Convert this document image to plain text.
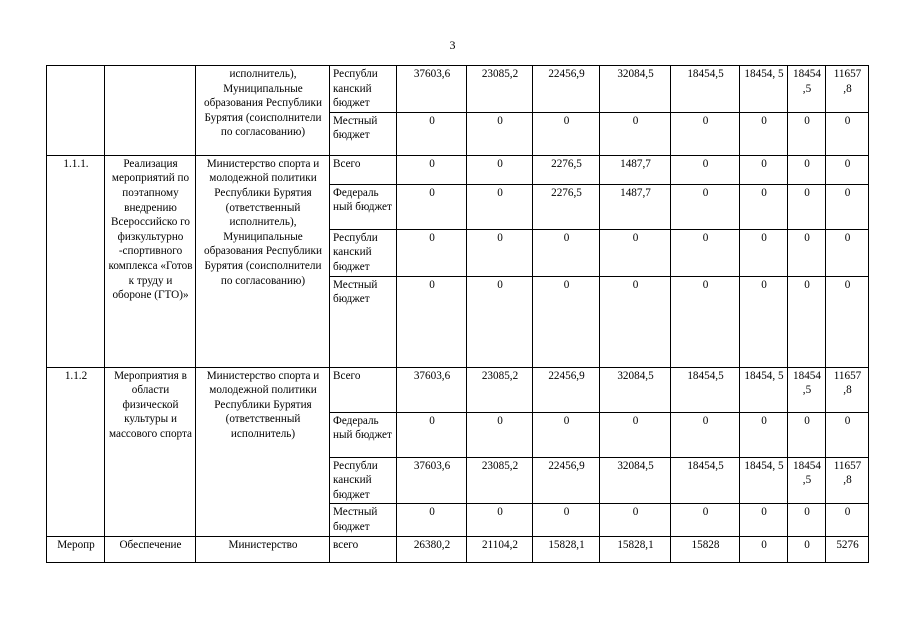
3
		исполнитель), Муниципальные образования Республики Бурятия (соисполнители по согласованию)	Республи канский бюджет	37603,6	23085,2	22456,9	32084,5	18454,5	18454, 5	18454 ,5	11657 ,8
			Местный бюджет	0	0	0	0	0	0	0	0
1.1.1.	Реализация мероприятий по поэтапному внедрению Всероссийско го физкультурно -спортивного комплекса «Готов к труду и обороне (ГТО)»	Министерство спорта и молодежной политики Республики Бурятия (ответственный исполнитель), Муниципальные образования Республики Бурятия (соисполнители по согласованию)	Всего	0	0	2276,5	1487,7	0	0	0	0
			Федераль ный бюджет	0	0	2276,5	1487,7	0	0	0	0
			Республи канский бюджет	0	0	0	0	0	0	0	0
			Местный бюджет	0	0	0	0	0	0	0	0
1.1.2	Мероприятия в области физической культуры и массового спорта	Министерство спорта и молодежной политики Республики Бурятия (ответственный исполнитель)	Всего	37603,6	23085,2	22456,9	32084,5	18454,5	18454, 5	18454 ,5	11657 ,8
			Федераль ный бюджет	0	0	0	0	0	0	0	0
			Республи канский бюджет	37603,6	23085,2	22456,9	32084,5	18454,5	18454, 5	18454 ,5	11657 ,8
			Местный бюджет	0	0	0	0	0	0	0	0
Меропр	Обеспечение	Министерство	всего	26380,2	21104,2	15828,1	15828,1	15828	0	0	5276
